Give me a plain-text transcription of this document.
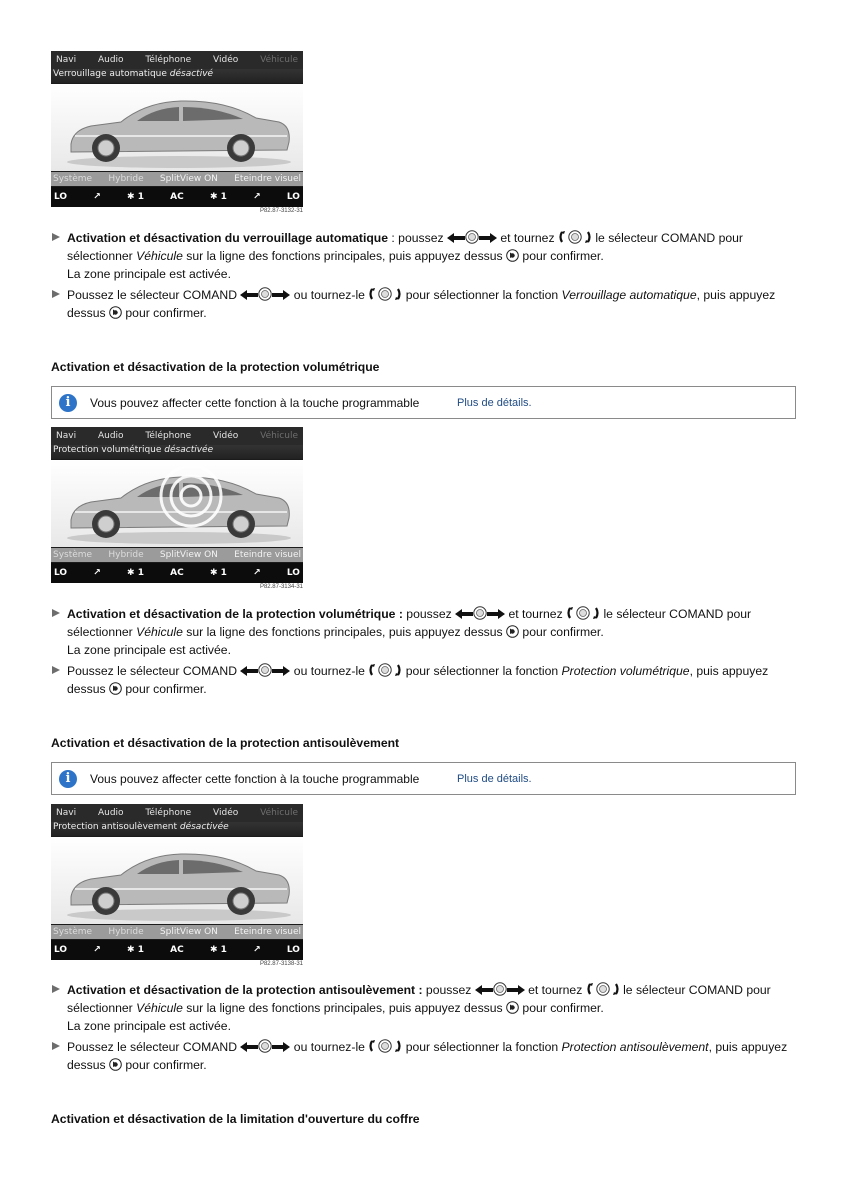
Navi Audio Téléphone Vidéo Véhicule
Verrouillage automatique désactivé
Système Hybride SplitView ON Eteindre visuel
LO	↗	✱ 1	AC	✱ 1	↗	LO
P82.87-3132-31
Activation et désactivation du verrouillage automatique : poussez	et tournez	le sélecteur COMAND pour sélectionner Véhicule sur la ligne des fonctions principales, puis appuyez dessus  pour confirmer.
La zone principale est activée.
Poussez le sélecteur COMAND	ou tournez-le	pour sélectionner la fonction Verrouillage automatique, puis appuyez dessus  pour confirmer.
Activation et désactivation de la protection volumétrique
i	Vous pouvez affecter cette fonction à la touche programmable	Plus de détails.
Navi Audio Téléphone Vidéo Véhicule
Protection volumétrique désactivée
Système Hybride SplitView ON Eteindre visuel
LO	↗	✱ 1	AC	✱ 1	↗	LO
P82.87-3134-31
Activation et désactivation de la protection volumétrique : poussez	et tournez	le sélecteur COMAND pour sélectionner Véhicule sur la ligne des fonctions principales, puis appuyez dessus  pour confirmer.
La zone principale est activée.
Poussez le sélecteur COMAND	ou tournez-le	pour sélectionner la fonction Protection volumétrique, puis appuyez dessus  pour confirmer.
Activation et désactivation de la protection antisoulèvement
i	Vous pouvez affecter cette fonction à la touche programmable	Plus de détails.
Navi Audio Téléphone Vidéo Véhicule
Protection antisoulèvement désactivée
Système Hybride SplitView ON Eteindre visuel
LO	↗	✱ 1	AC	✱ 1	↗	LO
P82.87-3138-31
Activation et désactivation de la protection antisoulèvement : poussez	et tournez	le sélecteur COMAND pour sélectionner Véhicule sur la ligne des fonctions principales, puis appuyez dessus  pour confirmer.
La zone principale est activée.
Poussez le sélecteur COMAND	ou tournez-le	pour sélectionner la fonction Protection antisoulèvement, puis appuyez dessus  pour confirmer.
Activation et désactivation de la limitation d'ouverture du coffre
